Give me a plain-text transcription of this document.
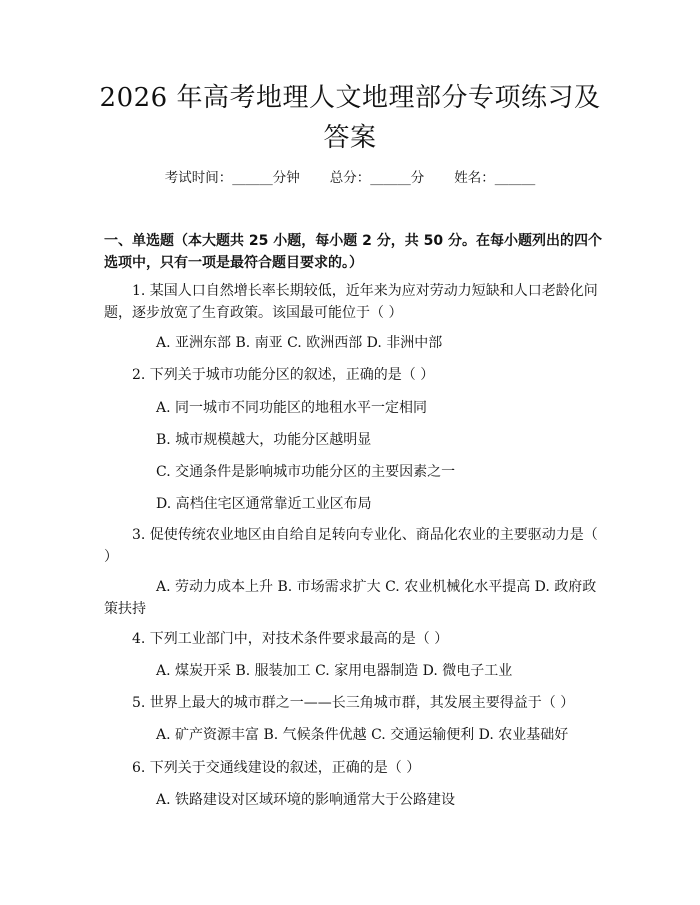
2026 年高考地理人文地理部分专项练习及答案
考试时间：______分钟 总分：______分 姓名：______
一、单选题（本大题共 25 小题，每小题 2 分，共 50 分。在每小题列出的四个选项中，只有一项是最符合题目要求的。）
1. 某国人口自然增长率长期较低，近年来为应对劳动力短缺和人口老龄化问题，逐步放宽了生育政策。该国最可能位于（ ）
A. 亚洲东部 B. 南亚 C. 欧洲西部 D. 非洲中部
2. 下列关于城市功能分区的叙述，正确的是（ ）
A. 同一城市不同功能区的地租水平一定相同
B. 城市规模越大，功能分区越明显
C. 交通条件是影响城市功能分区的主要因素之一
D. 高档住宅区通常靠近工业区布局
3. 促使传统农业地区由自给自足转向专业化、商品化农业的主要驱动力是（ ）
A. 劳动力成本上升 B. 市场需求扩大 C. 农业机械化水平提高 D. 政府政策扶持
4. 下列工业部门中，对技术条件要求最高的是（ ）
A. 煤炭开采 B. 服装加工 C. 家用电器制造 D. 微电子工业
5. 世界上最大的城市群之一——长三角城市群，其发展主要得益于（ ）
A. 矿产资源丰富 B. 气候条件优越 C. 交通运输便利 D. 农业基础好
6. 下列关于交通线建设的叙述，正确的是（ ）
A. 铁路建设对区域环境的影响通常大于公路建设
